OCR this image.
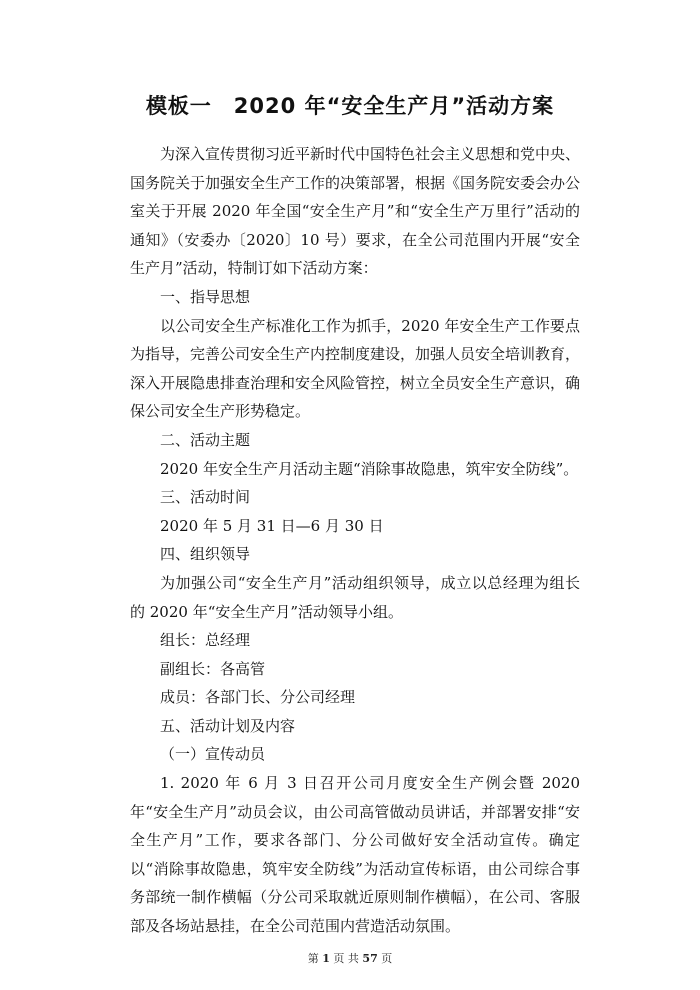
模板一　2020 年“安全生产月”活动方案

为深入宣传贯彻习近平新时代中国特色社会主义思想和党中央、国务院关于加强安全生产工作的决策部署，根据《国务院安委会办公室关于开展 2020 年全国“安全生产月”和“安全生产万里行”活动的通知》（安委办〔2020〕10 号）要求，在全公司范围内开展“安全生产月”活动，特制订如下活动方案：

一、指导思想

以公司安全生产标准化工作为抓手，2020 年安全生产工作要点为指导，完善公司安全生产内控制度建设，加强人员安全培训教育，深入开展隐患排查治理和安全风险管控，树立全员安全生产意识，确保公司安全生产形势稳定。

二、活动主题

2020 年安全生产月活动主题“消除事故隐患，筑牢安全防线”。

三、活动时间

2020 年 5 月 31 日—6 月 30 日

四、组织领导

为加强公司“安全生产月”活动组织领导，成立以总经理为组长的 2020 年“安全生产月”活动领导小组。

组长：总经理

副组长：各高管

成员：各部门长、分公司经理

五、活动计划及内容

（一）宣传动员

1. 2020 年 6 月 3 日召开公司月度安全生产例会暨 2020 年“安全生产月”动员会议，由公司高管做动员讲话，并部署安排“安全生产月”工作，要求各部门、分公司做好安全活动宣传。确定以“消除事故隐患，筑牢安全防线”为活动宣传标语，由公司综合事务部统一制作横幅（分公司采取就近原则制作横幅），在公司、客服部及各场站悬挂，在全公司范围内营造活动氛围。

第 1 页 共 57 页
